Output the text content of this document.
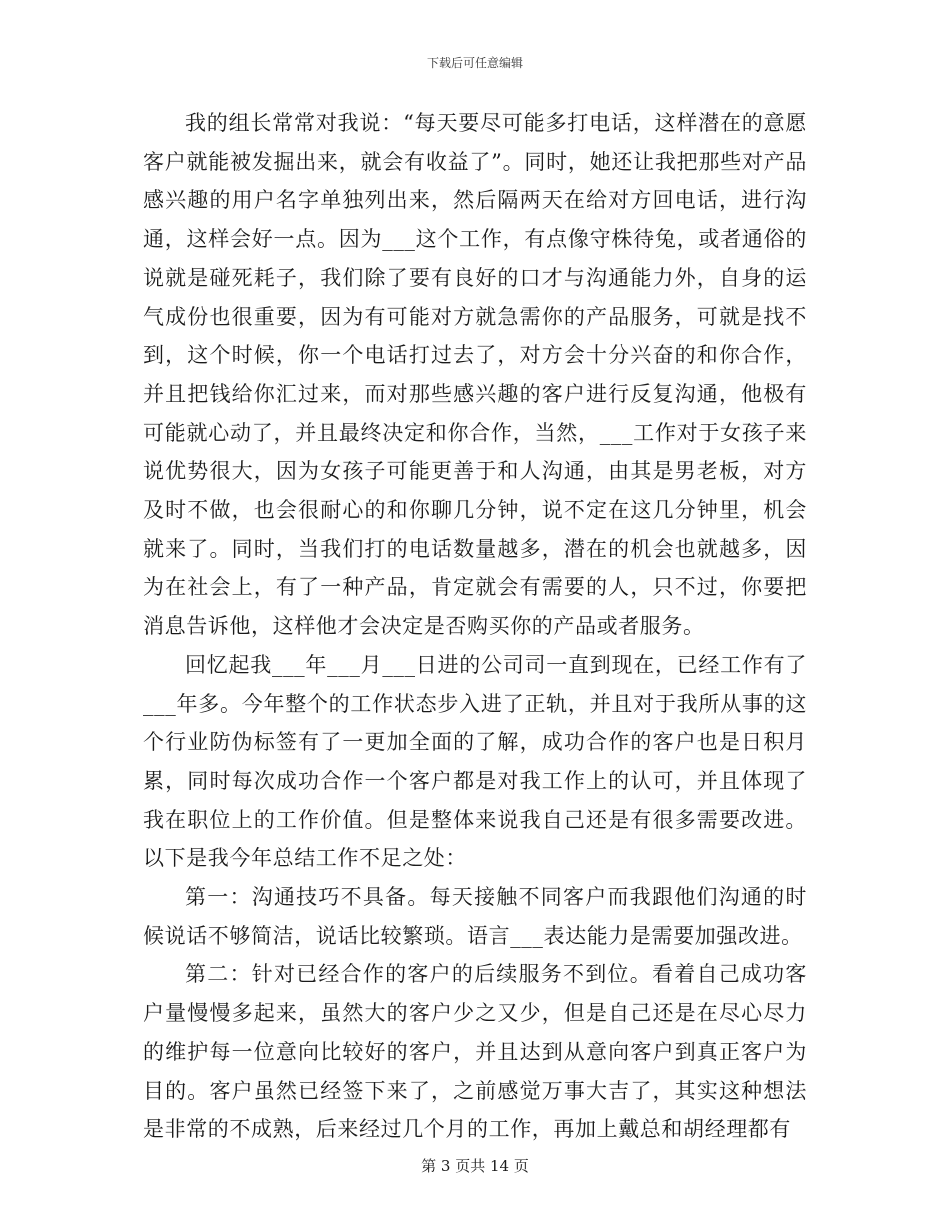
下载后可任意编辑

我的组长常常对我说：“每天要尽可能多打电话，这样潜在的意愿客户就能被发掘出来，就会有收益了”。同时，她还让我把那些对产品感兴趣的用户名字单独列出来，然后隔两天在给对方回电话，进行沟通，这样会好一点。因为___这个工作，有点像守株待兔，或者通俗的说就是碰死耗子，我们除了要有良好的口才与沟通能力外，自身的运气成份也很重要，因为有可能对方就急需你的产品服务，可就是找不到，这个时候，你一个电话打过去了，对方会十分兴奋的和你合作，并且把钱给你汇过来，而对那些感兴趣的客户进行反复沟通，他极有可能就心动了，并且最终决定和你合作，当然，___工作对于女孩子来说优势很大，因为女孩子可能更善于和人沟通，由其是男老板，对方及时不做，也会很耐心的和你聊几分钟，说不定在这几分钟里，机会就来了。同时，当我们打的电话数量越多，潜在的机会也就越多，因为在社会上，有了一种产品，肯定就会有需要的人，只不过，你要把消息告诉他，这样他才会决定是否购买你的产品或者服务。

回忆起我___年___月___日进的公司司一直到现在，已经工作有了___年多。今年整个的工作状态步入进了正轨，并且对于我所从事的这个行业防伪标签有了一更加全面的了解，成功合作的客户也是日积月累，同时每次成功合作一个客户都是对我工作上的认可，并且体现了我在职位上的工作价值。但是整体来说我自己还是有很多需要改进。以下是我今年总结工作不足之处：

第一：沟通技巧不具备。每天接触不同客户而我跟他们沟通的时候说话不够简洁，说话比较繁琐。语言___表达能力是需要加强改进。

第二：针对已经合作的客户的后续服务不到位。看着自己成功客户量慢慢多起来，虽然大的客户少之又少，但是自己还是在尽心尽力的维护每一位意向比较好的客户，并且达到从意向客户到真正客户为目的。客户虽然已经签下来了，之前感觉万事大吉了，其实这种想法是非常的不成熟，后来经过几个月的工作，再加上戴总和胡经理都有

第 3 页共 14 页
